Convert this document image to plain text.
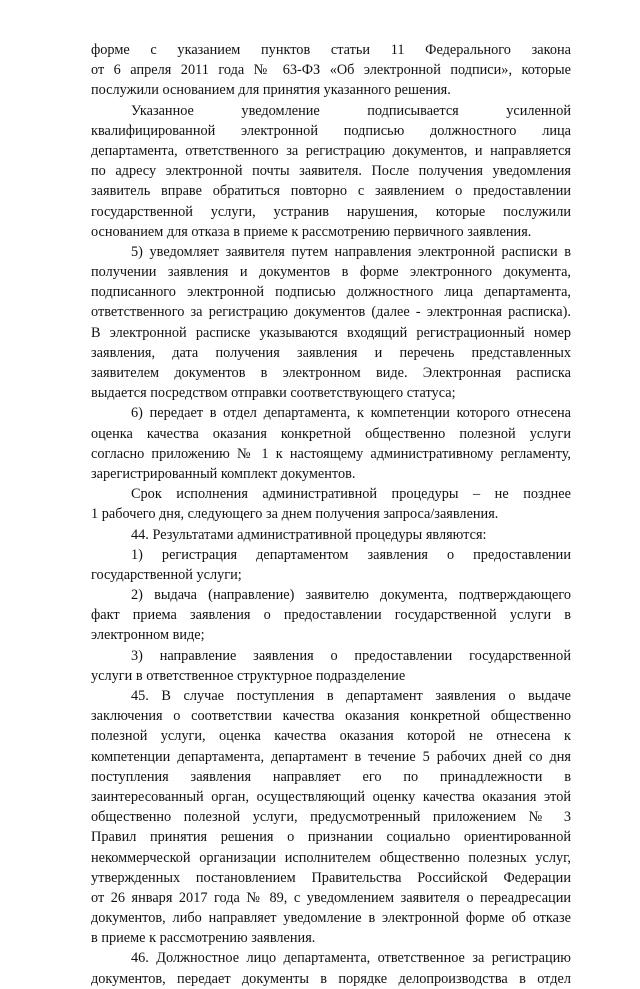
форме с указанием пунктов статьи 11 Федерального закона
от 6 апреля 2011 года № 63-ФЗ «Об электронной подписи», которые
послужили основанием для принятия указанного решения.
Указанное уведомление подписывается усиленной
квалифицированной электронной подписью должностного лица
департамента, ответственного за регистрацию документов, и направляется
по адресу электронной почты заявителя. После получения уведомления
заявитель вправе обратиться повторно с заявлением о предоставлении
государственной услуги, устранив нарушения, которые послужили
основанием для отказа в приеме к рассмотрению первичного заявления.
5) уведомляет заявителя путем направления электронной расписки в
получении заявления и документов в форме электронного документа,
подписанного электронной подписью должностного лица департамента,
ответственного за регистрацию документов (далее - электронная расписка).
В электронной расписке указываются входящий регистрационный номер
заявления, дата получения заявления и перечень представленных
заявителем документов в электронном виде. Электронная расписка
выдается посредством отправки соответствующего статуса;
6) передает в отдел департамента, к компетенции которого отнесена
оценка качества оказания конкретной общественно полезной услуги
согласно приложению № 1 к настоящему административному регламенту,
зарегистрированный комплект документов.
Срок исполнения административной процедуры – не позднее
1 рабочего дня, следующего за днем получения запроса/заявления.
44. Результатами административной процедуры являются:
1) регистрация департаментом заявления о предоставлении
государственной услуги;
2) выдача (направление) заявителю документа, подтверждающего
факт приема заявления о предоставлении государственной услуги в
электронном виде;
3) направление заявления о предоставлении государственной
услуги в ответственное структурное подразделение
45. В случае поступления в департамент заявления о выдаче
заключения о соответствии качества оказания конкретной общественно
полезной услуги, оценка качества оказания которой не отнесена к
компетенции департамента, департамент в течение 5 рабочих дней со дня
поступления заявления направляет его по принадлежности в
заинтересованный орган, осуществляющий оценку качества оказания этой
общественно полезной услуги, предусмотренный приложением № 3
Правил принятия решения о признании социально ориентированной
некоммерческой организации исполнителем общественно полезных услуг,
утвержденных постановлением Правительства Российской Федерации
от 26 января 2017 года № 89, с уведомлением заявителя о переадресации
документов, либо направляет уведомление в электронной форме об отказе
в приеме к рассмотрению заявления.
46. Должностное лицо департамента, ответственное за регистрацию
документов, передает документы в порядке делопроизводства в отдел
